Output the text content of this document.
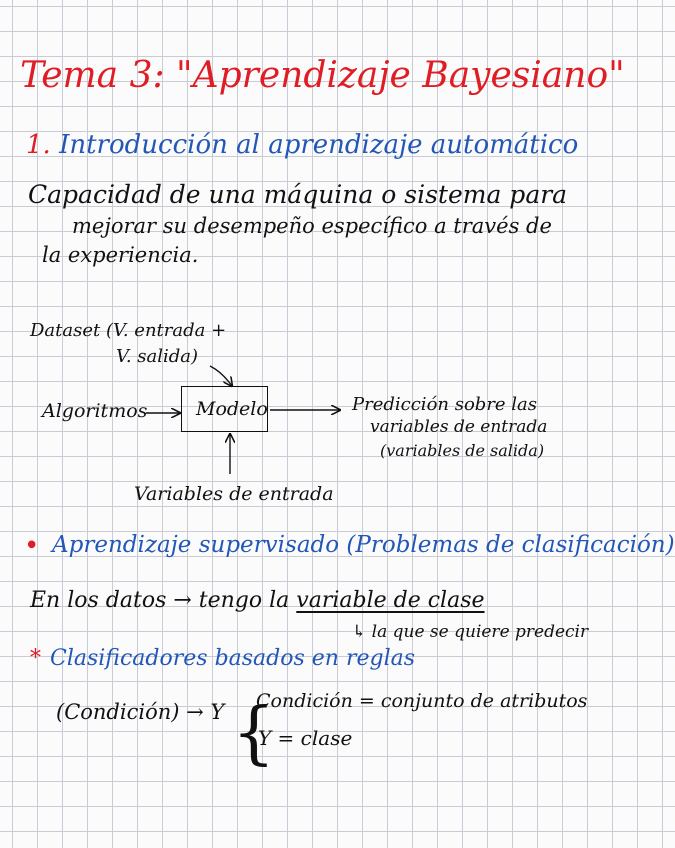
Tema 3: "Aprendizaje Bayesiano"
1. Introducción al aprendizaje automático
Capacidad de una máquina o sistema para
mejorar su desempeño específico a través de
la experiencia.
Dataset (V. entrada +
V. salida)
Algoritmos	Modelo	Predicción sobre las
variables de entrada
(variables de salida)
Variables de entrada
• Aprendizaje supervisado (Problemas de clasificación)
En los datos → tengo la variable de clase
↳ la que se quiere predecir
* Clasificadores basados en reglas
(Condición) → Y {
Condición = conjunto de atributos
Y = clase
